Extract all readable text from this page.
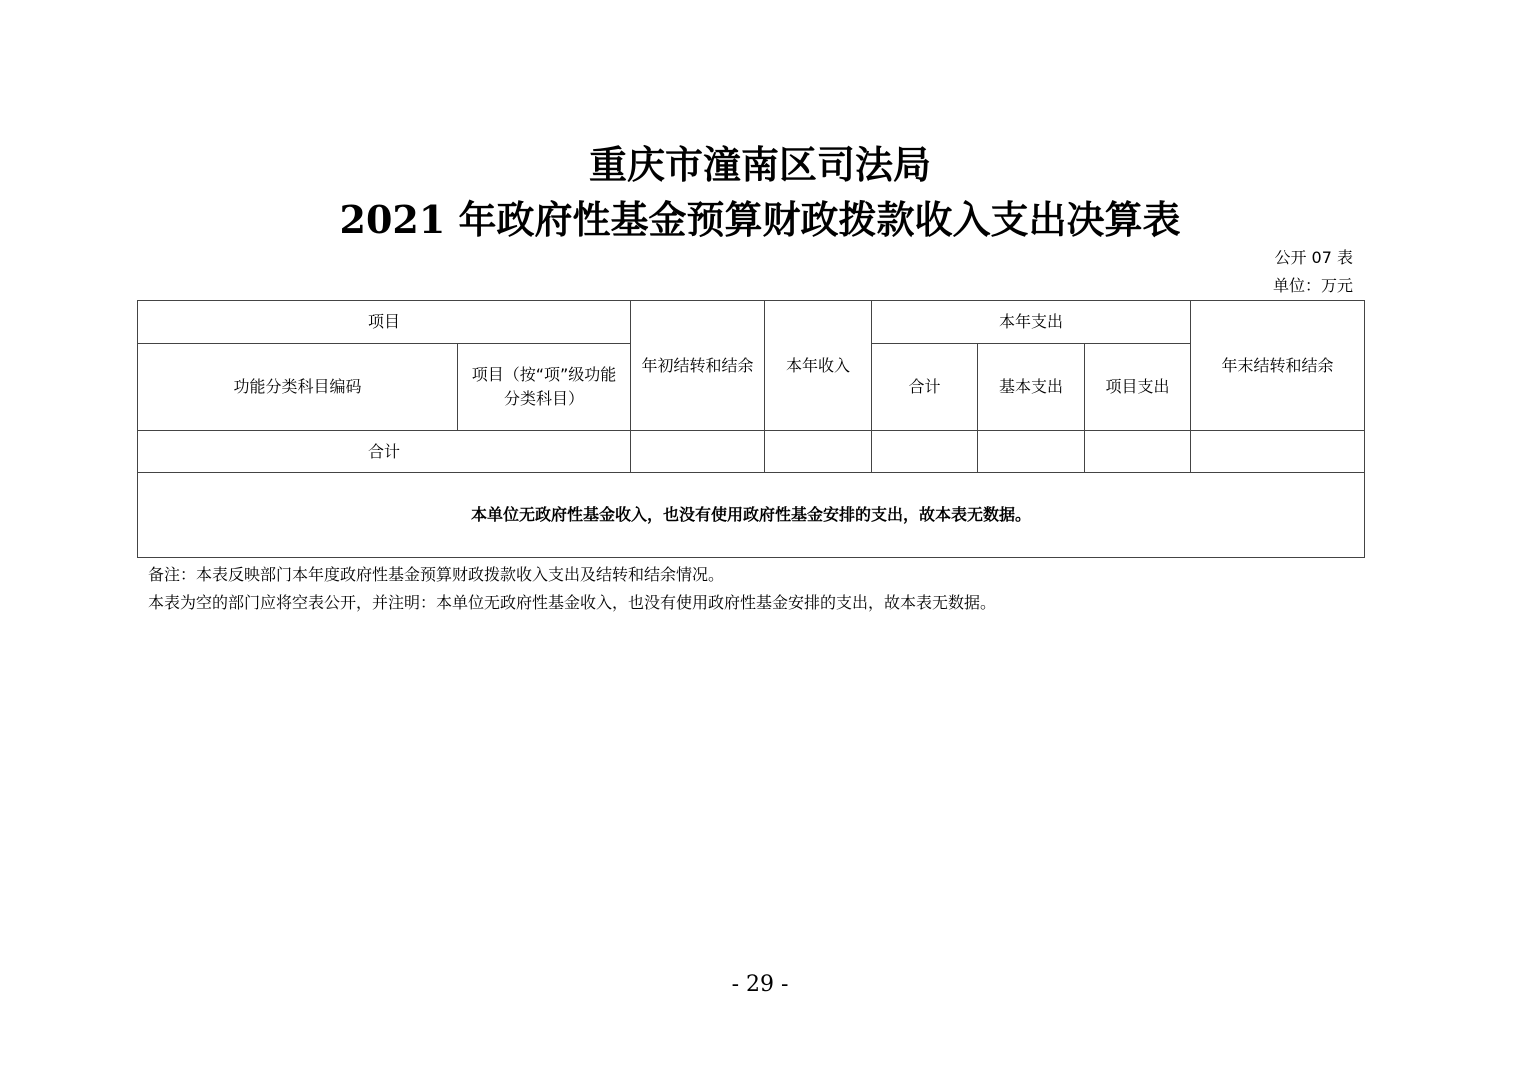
重庆市潼南区司法局
2021 年政府性基金预算财政拨款收入支出决算表
公开 07 表
单位：万元
项目		年初结转和结余	本年收入	本年支出			年末结转和结余
功能分类科目编码	项目（按“项”级功能分类科目）			合计	基本支出	项目支出	
合计							
本单位无政府性基金收入，也没有使用政府性基金安排的支出，故本表无数据。							
备注：本表反映部门本年度政府性基金预算财政拨款收入支出及结转和结余情况。
本表为空的部门应将空表公开，并注明：本单位无政府性基金收入，也没有使用政府性基金安排的支出，故本表无数据。
- 29 -
